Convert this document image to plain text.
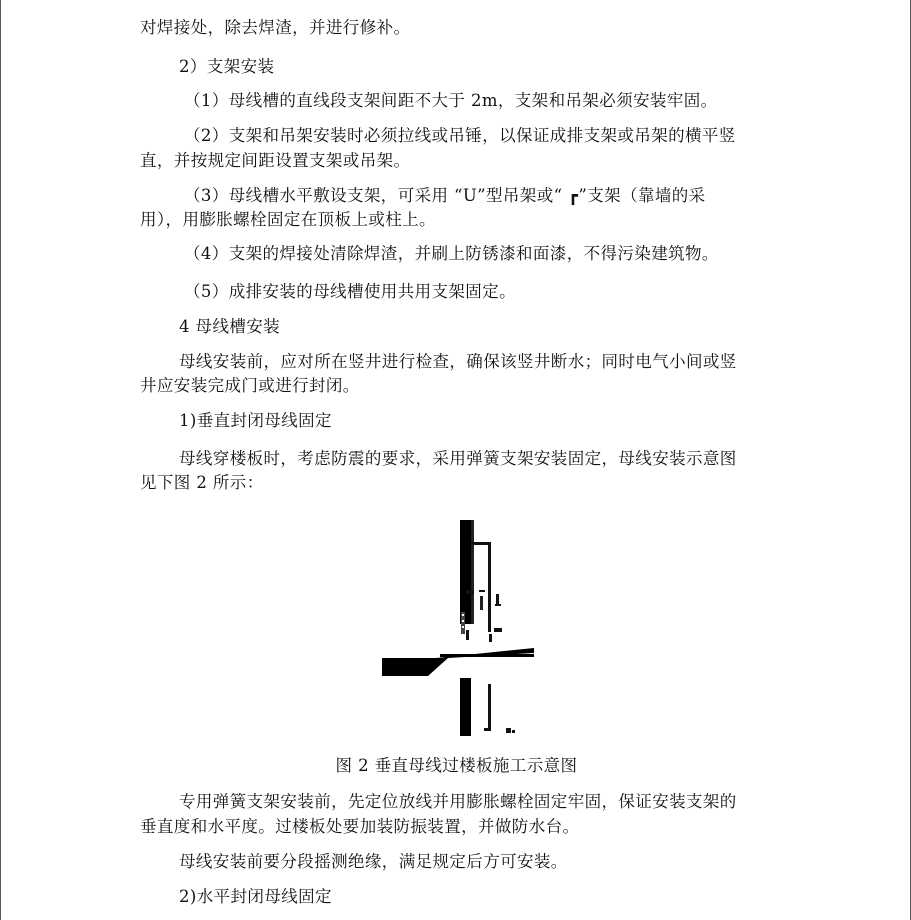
对焊接处，除去焊渣，并进行修补。
2）支架安装
（1）母线槽的直线段支架间距不大于 2m，支架和吊架必须安装牢固。
（2）支架和吊架安装时必须拉线或吊锤，以保证成排支架或吊架的横平竖
直，并按规定间距设置支架或吊架。
（3）母线槽水平敷设支架，可采用 “U”型吊架或“ ┏”支架（靠墙的采
用），用膨胀螺栓固定在顶板上或柱上。
（4）支架的焊接处清除焊渣，并刷上防锈漆和面漆，不得污染建筑物。
（5）成排安装的母线槽使用共用支架固定。
4 母线槽安装
母线安装前，应对所在竖井进行检查，确保该竖井断水；同时电气小间或竖
井应安装完成门或进行封闭。
1)垂直封闭母线固定
母线穿楼板时，考虑防震的要求，采用弹簧支架安装固定，母线安装示意图
见下图 2 所示：
图 2 垂直母线过楼板施工示意图
专用弹簧支架安装前，先定位放线并用膨胀螺栓固定牢固，保证安装支架的
垂直度和水平度。过楼板处要加装防振装置，并做防水台。
母线安装前要分段摇测绝缘，满足规定后方可安装。
2)水平封闭母线固定
